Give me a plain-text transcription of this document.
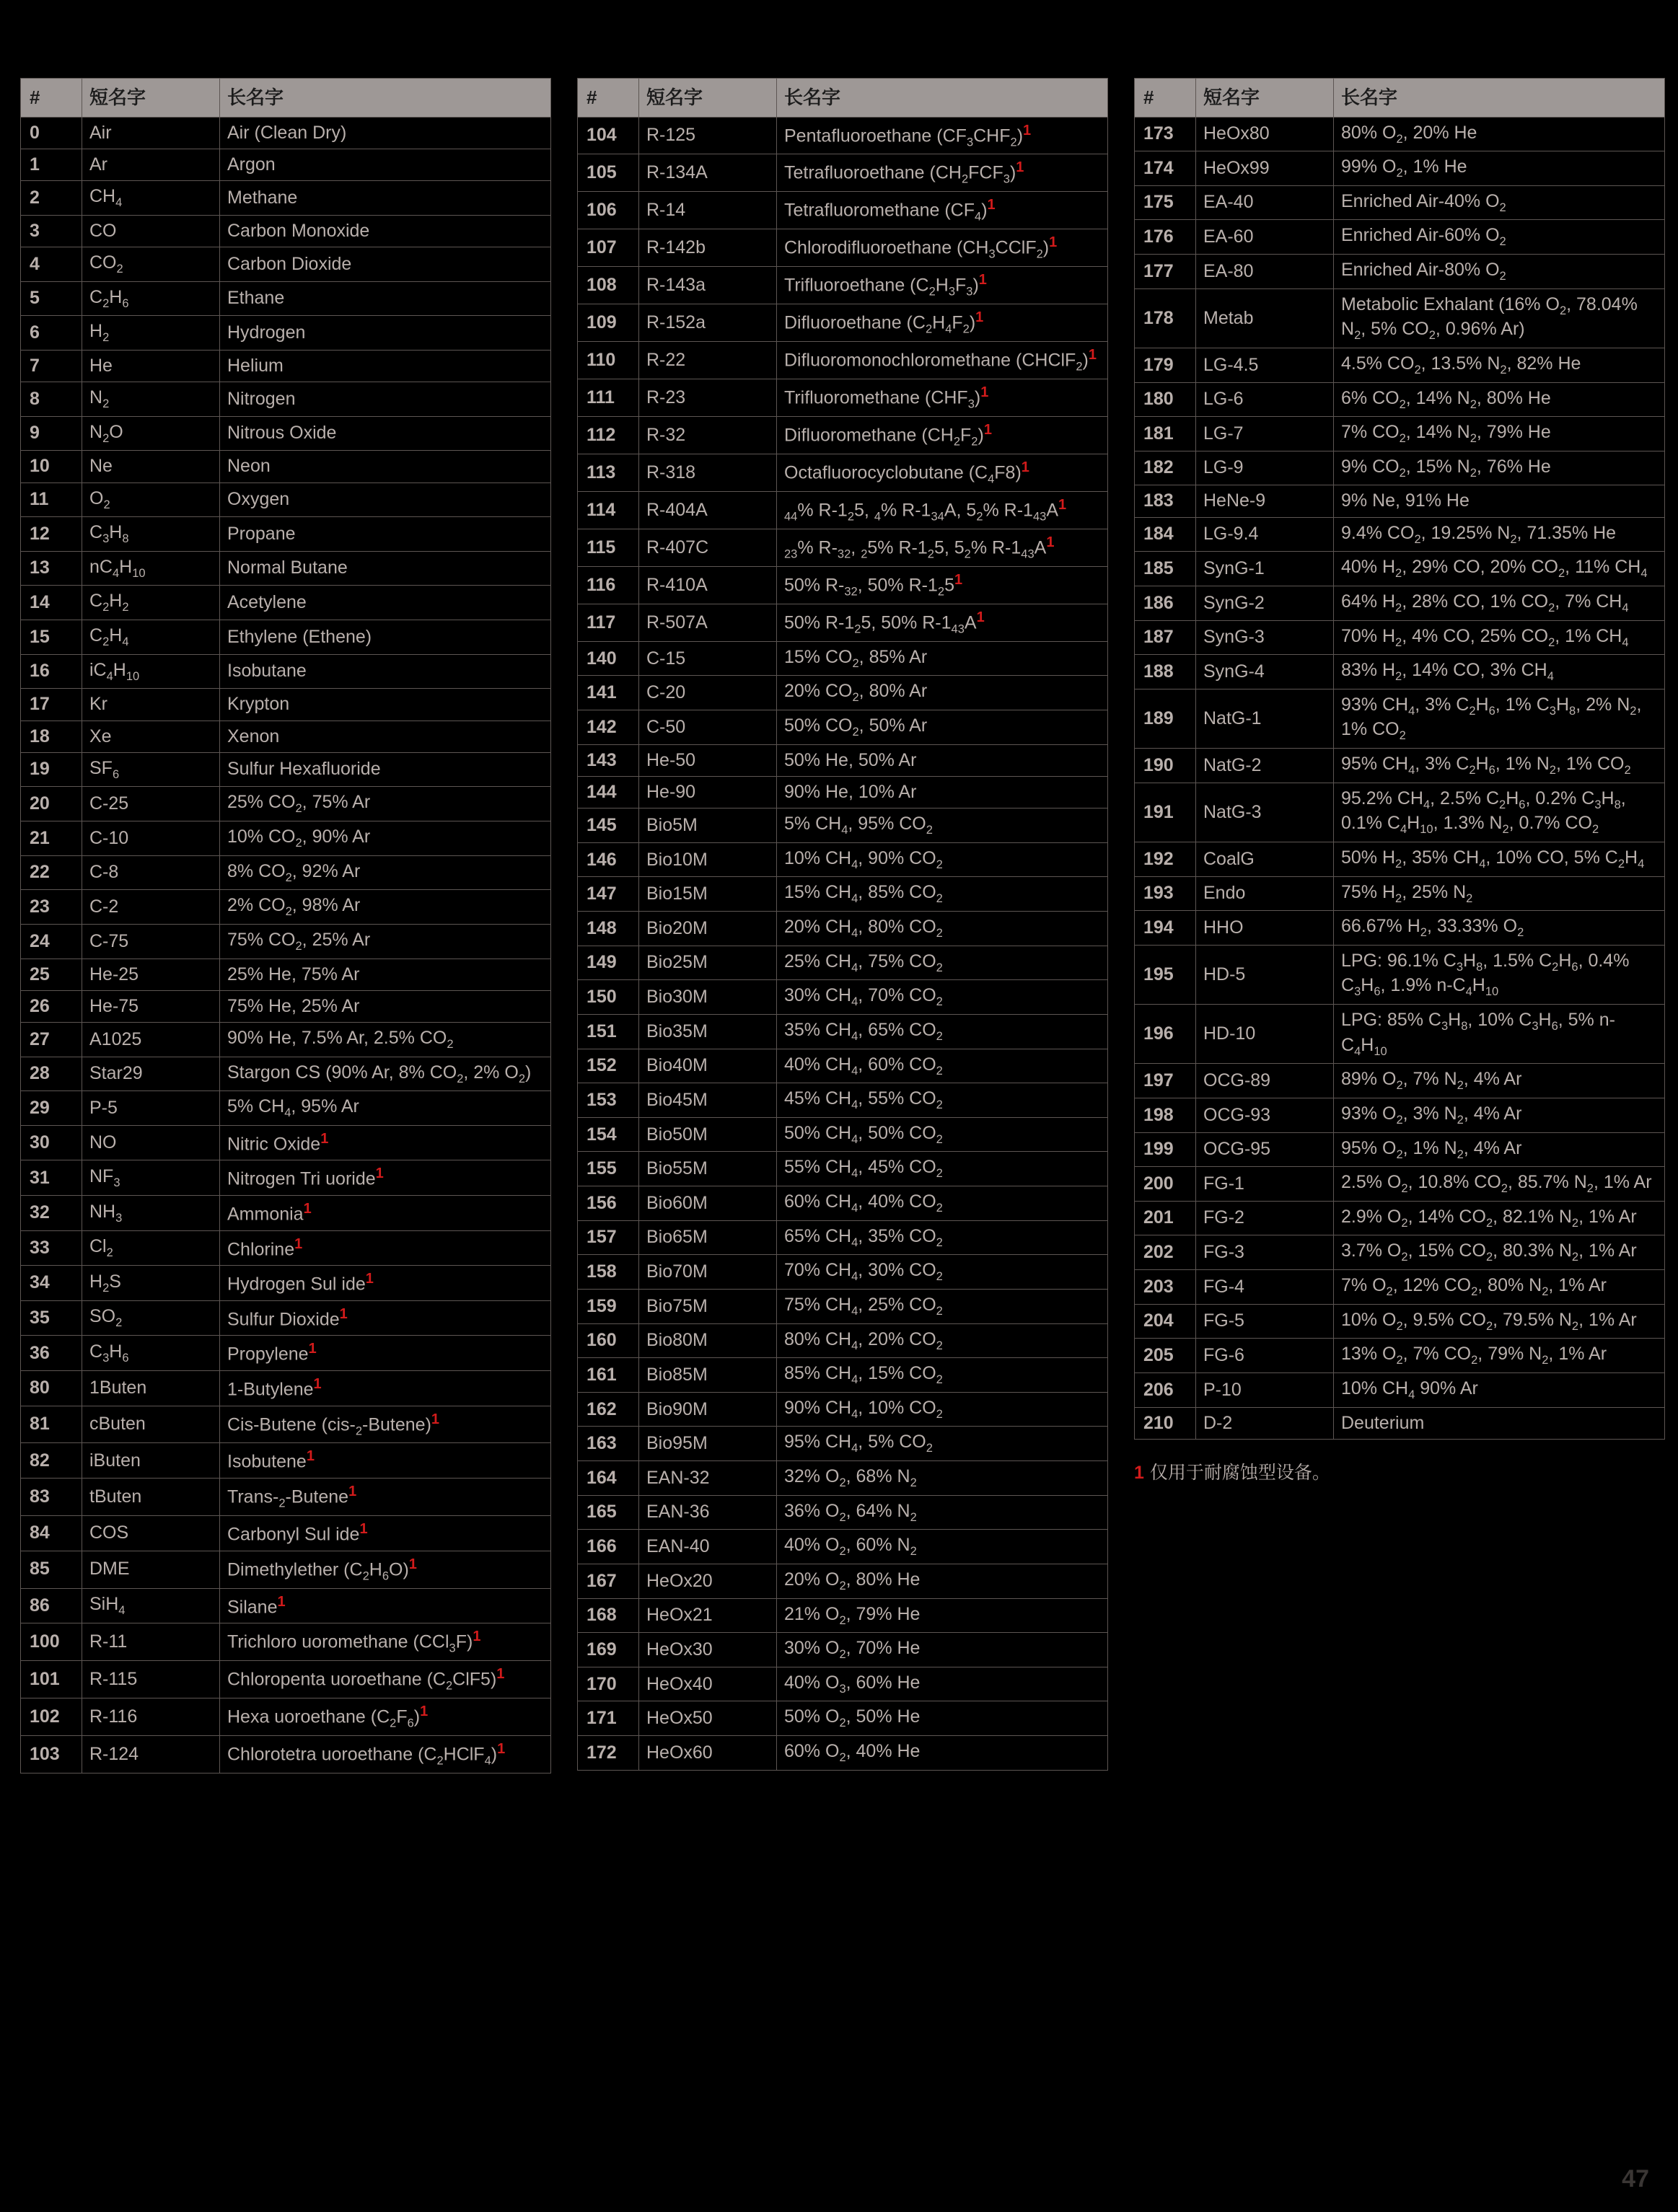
#	短名字	长名字
0	Air	Air (Clean Dry)
1	Ar	Argon
2	$CH_4$	Methane
3	CO	Carbon Monoxide
4	$CO_2$	Carbon Dioxide
5	$C_2H_6$	Ethane
6	$H_2$	Hydrogen
7	He	Helium
8	$N_2$	Nitrogen
9	$N_2O$	Nitrous Oxide
10	Ne	Neon
11	$O_2$	Oxygen
12	$C_3H_8$	Propane
13	$nC_4H_{10}$	Normal Butane
14	$C_2H_2$	Acetylene
15	$C_2H_4$	Ethylene (Ethene)
16	$iC_4H_{10}$	Isobutane
17	Kr	Krypton
18	Xe	Xenon
19	$SF_6$	Sulfur Hexafluoride
20	C-25	25% $CO_2$, 75% Ar
21	C-10	10% $CO_2$, 90% Ar
22	C-8	8% $CO_2$, 92% Ar
23	C-2	2% $CO_2$, 98% Ar
24	C-75	75% $CO_2$, 25% Ar
25	He-25	25% He, 75% Ar
26	He-75	75% He, 25% Ar
27	A1025	90% He, 7.5% Ar, 2.5% $CO_2$
28	Star29	Stargon CS (90% Ar, 8% $CO_2$, 2% $O_2$)
29	P-5	5% $CH_4$, 95% Ar
30	NO	Nitric Oxide$^1$
31	$NF_3$	Nitrogen Tri uoride$^1$
32	$NH_3$	Ammonia$^1$
33	$Cl_2$	Chlorine$^1$
34	$H_2S$	Hydrogen Sul ide$^1$
35	$SO_2$	Sulfur Dioxide$^1$
36	$C_3H_6$	Propylene$^1$
80	1Buten	1-Butylene$^1$
81	cButen	Cis-Butene $(cis-_2-Butene)^1$
82	iButen	Isobutene$^1$
83	tButen	Trans-$_2-Butene^1$
84	COS	Carbonyl Sul ide$^1$
85	DME	Dimethylether $(C_2H_6O)^1$
86	SiH$_4$	Silane$^1$
100	R-11	Trichloro uoromethane (CCl$_3$F)$^1$
101	R-115	Chloropenta uoroethane $(C_2ClF5)^1$
102	R-116	Hexa uoroethane $(C_2F_6)^1$
103	R-124	Chlorotetra uoroethane $(C_2HClF_4)^1$
#	短名字	长名字
104	R-125	Pentafluoroethane $(CF_3CHF_2)^1$
105	R-134A	Tetrafluoroethane $(CH_2FCF_3)^1$
106	R-14	Tetrafluoromethane $(CF_4)^1$
107	R-142b	Chlorodifluoroethane $(CH_3CClF_2)^1$
108	R-143a	Trifluoroethane $(C_2H_3F_3)^1$
109	R-152a	Difluoroethane $(C_2H_4F_2)^1$
110	R-22	Difluoromonochloromethane (CHClF$_2$)$^1$
111	R-23	Trifluoromethane $(CHF_3)^1$
112	R-32	Difluoromethane $(CH_2F_2)^1$
113	R-318	Octafluorocyclobutane $(C_4F8)^1$
114	R-404A	$_{44}$% $R-1_25$, $_4$% $R-1_{34}A$, $5_2\%$ $R-1_{43}A^1$
115	R-407C	$_{23}$% $R-_{32}$, $_2$5% $R-1_25$, $5_2\%$ $R-1_{43}A^1$
116	R-410A	50% $R-_{32}$, 50% $R-1_25^1$
117	R-507A	50% $R-1_25$, 50% $R-1_{43}A^1$
140	C-15	15% $CO_2$, 85% Ar
141	C-20	20% $CO_2$, 80% Ar
142	C-50	50% $CO_2$, 50% Ar
143	He-50	50% He, 50% Ar
144	He-90	90% He, 10% Ar
145	Bio5M	5% $CH_4$, 95% $CO_2$
146	Bio10M	10% $CH_4$, 90% $CO_2$
147	Bio15M	15% $CH_4$, 85% $CO_2$
148	Bio20M	20% $CH_4$, 80% $CO_2$
149	Bio25M	25% $CH_4$, 75% $CO_2$
150	Bio30M	30% $CH_4$, 70% $CO_2$
151	Bio35M	35% $CH_4$, 65% $CO_2$
152	Bio40M	40% $CH_4$, 60% $CO_2$
153	Bio45M	45% $CH_4$, 55% $CO_2$
154	Bio50M	50% $CH_4$, 50% $CO_2$
155	Bio55M	55% $CH_4$, 45% $CO_2$
156	Bio60M	60% $CH_4$, 40% $CO_2$
157	Bio65M	65% $CH_4$, 35% $CO_2$
158	Bio70M	70% $CH_4$, 30% $CO_2$
159	Bio75M	75% $CH_4$, 25% $CO_2$
160	Bio80M	80% $CH_4$, 20% $CO_2$
161	Bio85M	85% $CH_4$, 15% $CO_2$
162	Bio90M	90% $CH_4$, 10% $CO_2$
163	Bio95M	95% $CH_4$, 5% $CO_2$
164	EAN-32	32% $O_2$, 68% $N_2$
165	EAN-36	36% $O_2$, 64% $N_2$
166	EAN-40	40% $O_2$, 60% $N_2$
167	HeOx20	20% $O_2$, 80% He
168	HeOx21	21% $O_2$, 79% He
169	HeOx30	30% $O_2$, 70% He
170	HeOx40	40% $O_3$, 60% He
171	HeOx50	50% $O_2$, 50% He
172	HeOx60	60% $O_2$, 40% He
#	短名字	长名字
173	HeOx80	80% $O_2$, 20% He
174	HeOx99	99% $O_2$, 1% He
175	EA-40	Enriched Air-40% $O_2$
176	EA-60	Enriched Air-60% $O_2$
177	EA-80	Enriched Air-80% $O_2$
178	Metab	Metabolic Exhalant (16% $O_2$, 78.04% $N_2$, 5% $CO_2$, 0.96% Ar)
179	LG-4.5	4.5% $CO_2$, 13.5% $N_2$, 82% He
180	LG-6	6% $CO_2$, 14% $N_2$, 80% He
181	LG-7	7% $CO_2$, 14% $N_2$, 79% He
182	LG-9	9% $CO_2$, 15% $N_2$, 76% He
183	HeNe-9	9% Ne, 91% He
184	LG-9.4	9.4% $CO_2$, 19.25% $N_2$, 71.35% He
185	SynG-1	40% $H_2$, 29% CO, 20% $CO_2$, 11% $CH_4$
186	SynG-2	64% $H_2$, 28% CO, 1% $CO_2$, 7% $CH_4$
187	SynG-3	70% $H_2$, 4% CO, 25% $CO_2$, 1% $CH_4$
188	SynG-4	83% $H_2$, 14% CO, 3% $CH_4$
189	NatG-1	93% $CH_4$, 3% $C_2H_6$, 1% $C_3H_8$, 2% $N_2$, 1% $CO_2$
190	NatG-2	95% $CH_4$, 3% $C_2H_6$, 1% $N_2$, 1% $CO_2$
191	NatG-3	95.2% $CH_4$, 2.5% $C_2H_6$, 0.2% $C_3H_8$, 0.1% $C_4H_{10}$, 1.3% $N_2$, 0.7% $CO_2$
192	CoalG	50% $H_2$, 35% $CH_4$, 10% CO, 5% $C_2H_4$
193	Endo	75% $H_2$, 25% $N_2$
194	HHO	66.67% $H_2$, 33.33% $O_2$
195	HD-5	LPG: 96.1% $C_3H_8$, 1.5% $C_2H_6$, 0.4% $C_3H_6$, 1.9% $n-C_4H_{10}$
196	HD-10	LPG: 85% $C_3H_8$, 10% $C_3H_6$, 5% $n-C_4H_{10}$
197	OCG-89	89% $O_2$, 7% $N_2$, 4% Ar
198	OCG-93	93% $O_2$, 3% $N_2$, 4% Ar
199	OCG-95	95% $O_2$, 1% $N_2$, 4% Ar
200	FG-1	2.5% $O_2$, 10.8% $CO_2$, 85.7% $N_2$, 1% Ar
201	FG-2	2.9% $O_2$, 14% $CO_2$, 82.1% $N_2$, 1% Ar
202	FG-3	3.7% $O_2$, 15% $CO_2$, 80.3% $N_2$, 1% Ar
203	FG-4	7% $O_2$, 12% $CO_2$, 80% $N_2$, 1% Ar
204	FG-5	10% $O_2$, 9.5% $CO_2$, 79.5% $N_2$, 1% Ar
205	FG-6	13% $O_2$, 7% $CO_2$, 79% $N_2$, 1% Ar
206	P-10	10% $CH_4$ 90% Ar
210	D-2	Deuterium
1 仅用于耐腐蚀型设备。
47
